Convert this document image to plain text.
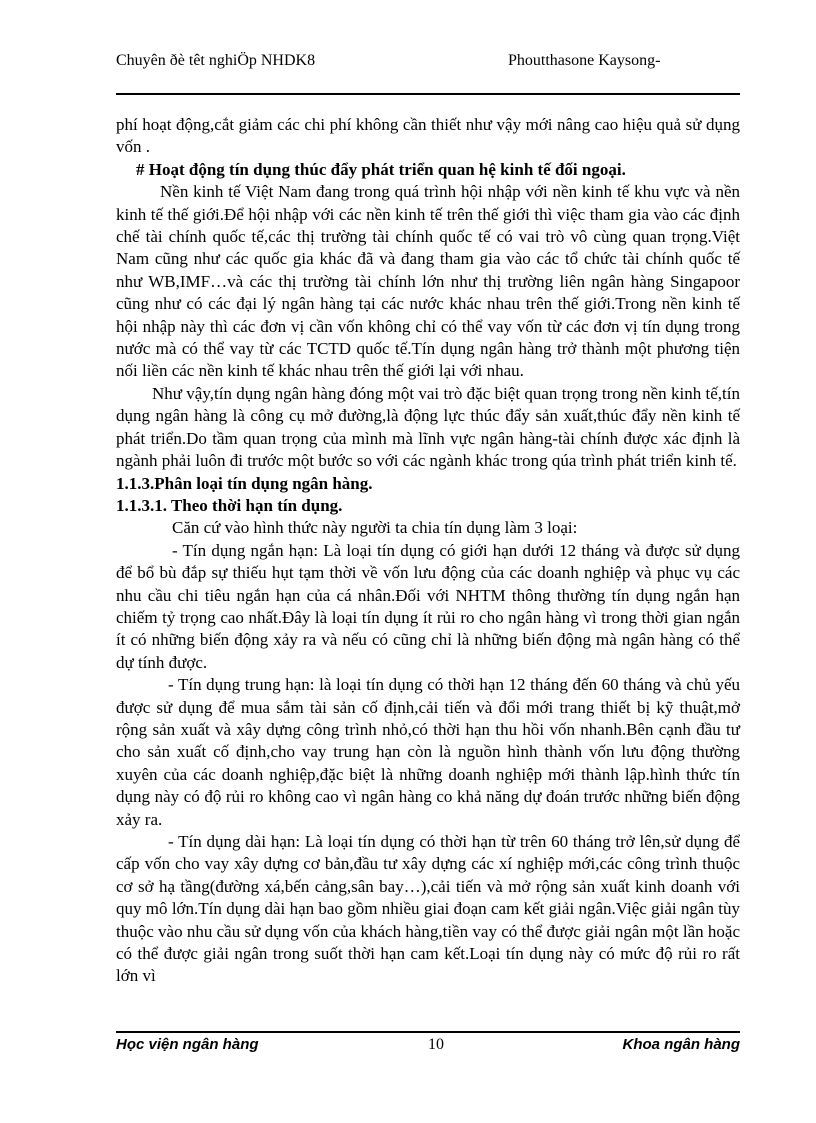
Chuyên ðè têt nghiÖp NHDK8	Phoutthasone Kaysong-

phí hoạt động,cắt giảm các chi phí không cần thiết như vậy mới nâng cao hiệu quả sử dụng vốn .

# Hoạt động tín dụng thúc đẩy phát triển quan hệ kinh tế đối ngoại.

Nền kinh tế Việt Nam đang trong quá trình hội nhập với nền kinh tế khu vực và nền kinh tế thế giới.Để hội nhập với các nền kinh tế trên thế giới thì việc tham gia vào các định chế tài chính quốc tế,các thị trường tài chính quốc tế có vai trò vô cùng quan trọng.Việt Nam cũng như các quốc gia khác đã và đang tham gia vào các tổ chức tài chính quốc tế như WB,IMF…và các thị trường tài chính lớn như thị trường liên ngân hàng Singapoor cũng như có các đại lý ngân hàng tại các nước khác nhau trên thế giới.Trong nền kinh tế hội nhập này thì các đơn vị cần vốn không chỉ có thể vay vốn từ các đơn vị tín dụng trong nước mà có thể vay từ các TCTD quốc tế.Tín dụng ngân hàng trở thành một phương tiện nối liền các nền kinh tế khác nhau trên thế giới lại với nhau.

Như vậy,tín dụng ngân hàng đóng một vai trò đặc biệt quan trọng trong nền kinh tế,tín dụng ngân hàng là công cụ mở đường,là động lực thúc đẩy sản xuất,thúc đẩy nền kinh tế phát triển.Do tầm quan trọng của mình mà lĩnh vực ngân hàng-tài chính được xác định là ngành phải luôn đi trước một bước so với các ngành khác trong qúa trình phát triển kinh tế.

1.1.3.Phân loại tín dụng ngân hàng.

1.1.3.1. Theo thời hạn tín dụng.

Căn cứ vào hình thức này người ta chia tín dụng làm 3 loại:

- Tín dụng ngắn hạn: Là loại tín dụng có giới hạn dưới 12 tháng và được sử dụng để bổ bù đắp sự thiếu hụt tạm thời về vốn lưu động của các doanh nghiệp và phục vụ các nhu cầu chi tiêu ngắn hạn của cá nhân.Đối với NHTM thông thường tín dụng ngắn hạn chiếm tỷ trọng cao nhất.Đây là loại tín dụng ít rủi ro cho ngân hàng vì trong thời gian ngắn ít có những biến động xảy ra và nếu có cũng chỉ là những biến động mà ngân hàng có thể dự tính được.

- Tín dụng trung hạn: là loại tín dụng có thời hạn 12 tháng đến 60 tháng và chủ yếu được sử dụng để mua sắm tài sản cố định,cải tiến và đổi mới trang thiết bị kỹ thuật,mở rộng sản xuất và xây dựng công trình nhỏ,có thời hạn thu hồi vốn nhanh.Bên cạnh đầu tư cho sản xuất cố định,cho vay trung hạn còn là nguồn hình thành vốn lưu động thường xuyên của các doanh nghiệp,đặc biệt là những doanh nghiệp mới thành lập.hình thức tín dụng này có độ rủi ro không cao vì ngân hàng co khả năng dự đoán trước những biến động xảy ra.

- Tín dụng dài hạn: Là loại tín dụng có thời hạn từ trên 60 tháng trở lên,sử dụng để cấp vốn cho vay xây dựng cơ bản,đầu tư xây dựng các xí nghiệp mới,các công trình thuộc cơ sở hạ tầng(đường xá,bến cảng,sân bay…),cải tiến và mở rộng sản xuất kinh doanh với quy mô lớn.Tín dụng dài hạn bao gồm nhiều giai đoạn cam kết giải ngân.Việc giải ngân tùy thuộc vào nhu cầu sử dụng vốn của khách hàng,tiền vay có thể được giải ngân một lần hoặc có thể được giải ngân trong suốt thời hạn cam kết.Loại tín dụng này có mức độ rủi ro rất lớn vì

Học viện ngân hàng	10	Khoa ngân hàng
